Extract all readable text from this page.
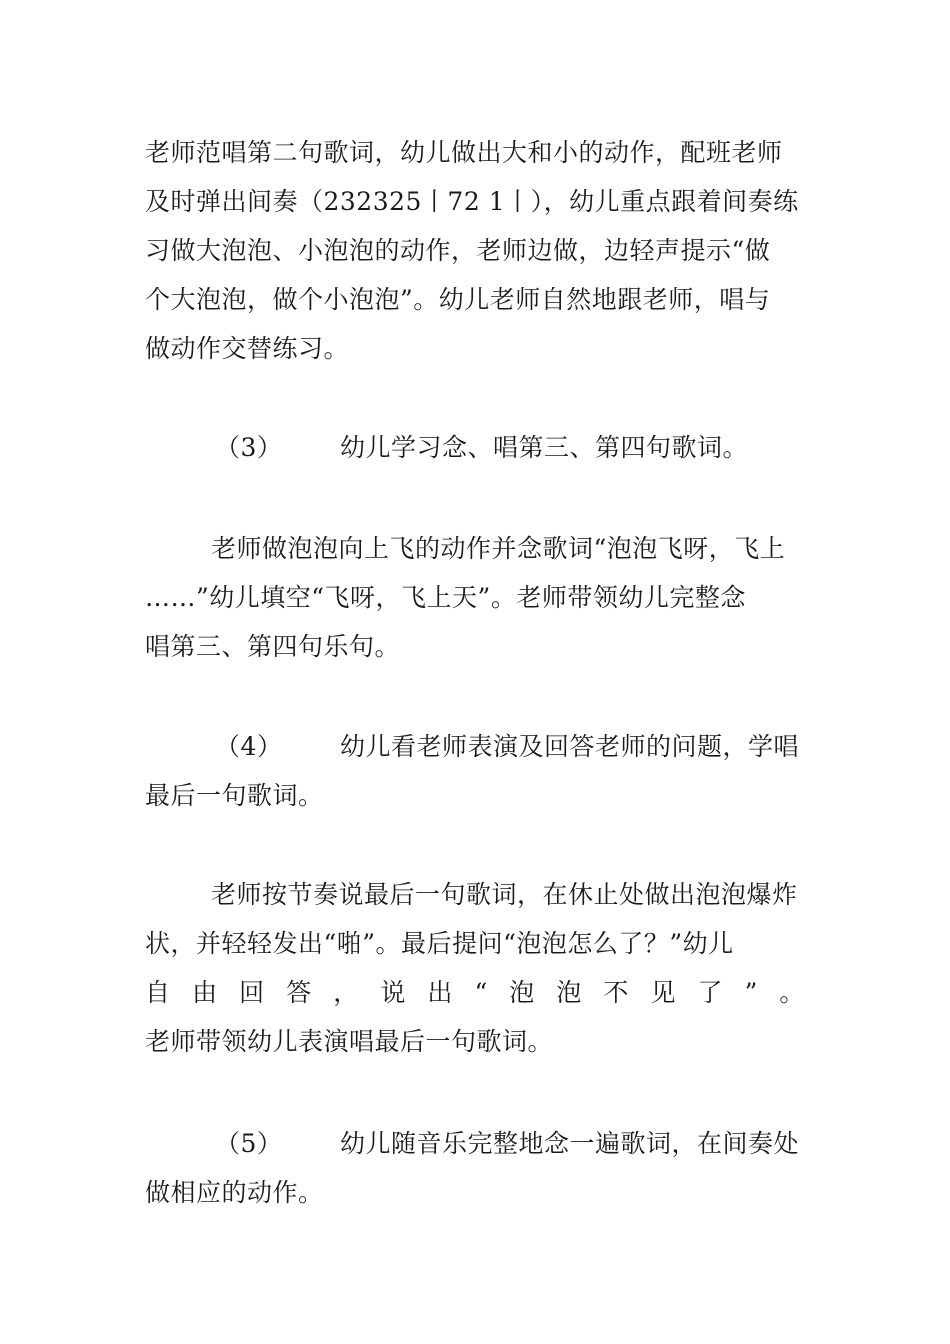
老师范唱第二句歌词，幼儿做出大和小的动作，配班老师
及时弹出间奏（232325丨72 1丨），幼儿重点跟着间奏练
习做大泡泡、小泡泡的动作，老师边做，边轻声提示“做
个大泡泡，做个小泡泡”。幼儿老师自然地跟老师，唱与
做动作交替练习。
（3） 幼儿学习念、唱第三、第四句歌词。
老师做泡泡向上飞的动作并念歌词“泡泡飞呀，飞上
……”幼儿填空“飞呀，飞上天”。老师带领幼儿完整念
唱第三、第四句乐句。
（4） 幼儿看老师表演及回答老师的问题，学唱
最后一句歌词。
老师按节奏说最后一句歌词，在休止处做出泡泡爆炸
状，并轻轻发出“啪”。最后提问“泡泡怎么了？”幼儿
自 由 回 答 ， 说 出 “ 泡 泡 不 见 了 ” 。
老师带领幼儿表演唱最后一句歌词。
（5） 幼儿随音乐完整地念一遍歌词，在间奏处
做相应的动作。
